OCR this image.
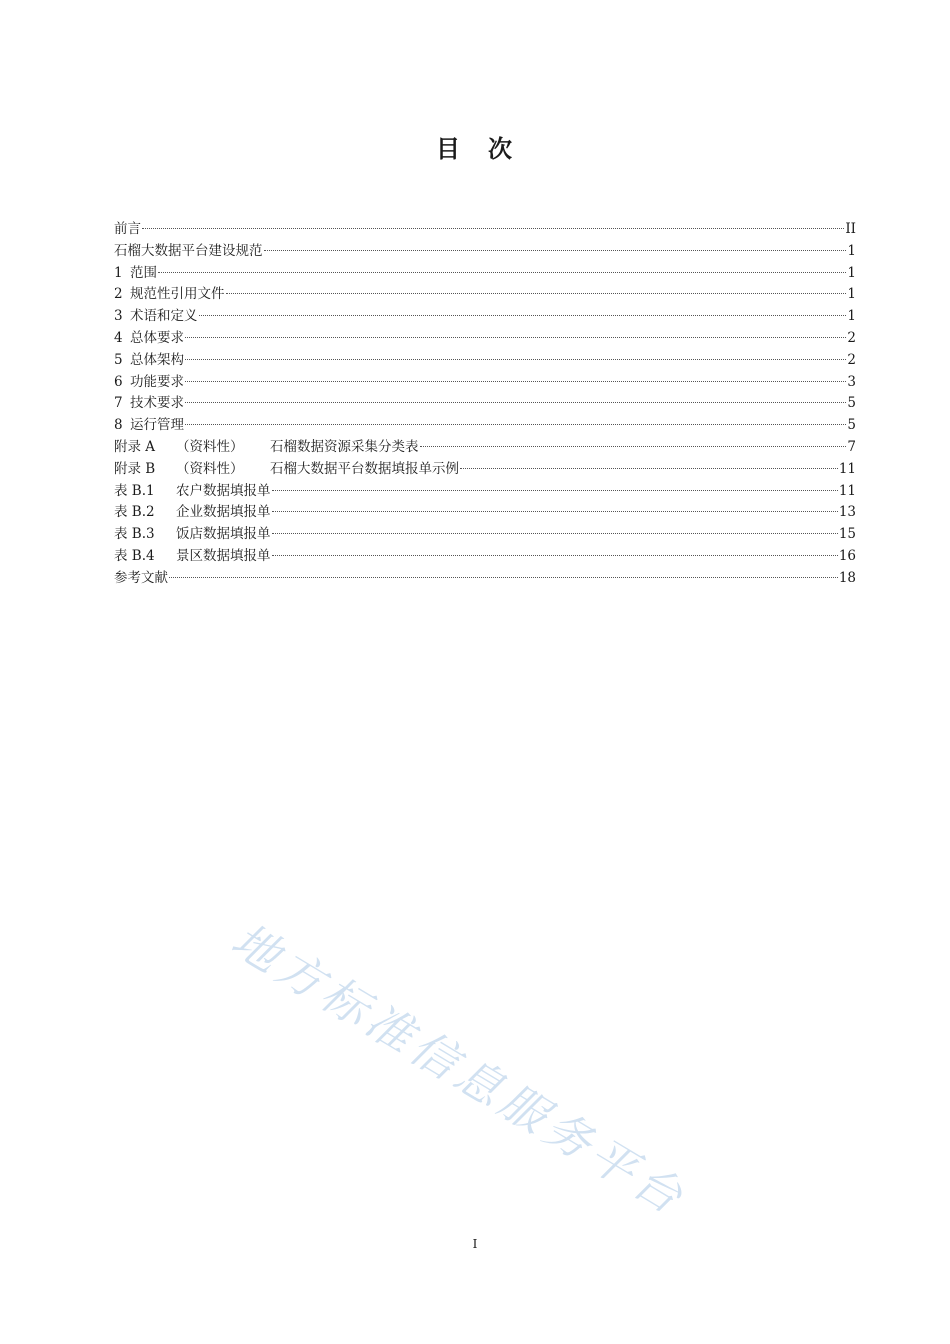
目 次
前言	II
石榴大数据平台建设规范	1
1 范围	1
2 规范性引用文件	1
3 术语和定义	1
4 总体要求	2
5 总体架构	2
6 功能要求	3
7 技术要求	5
8 运行管理	5
附录 A	（资料性） 石榴数据资源采集分类表	7
附录 B	（资料性） 石榴大数据平台数据填报单示例	11
表 B.1	农户数据填报单	11
表 B.2	企业数据填报单	13
表 B.3	饭店数据填报单	15
表 B.4	景区数据填报单	16
参考文献	18
地方标准信息服务平台
I
